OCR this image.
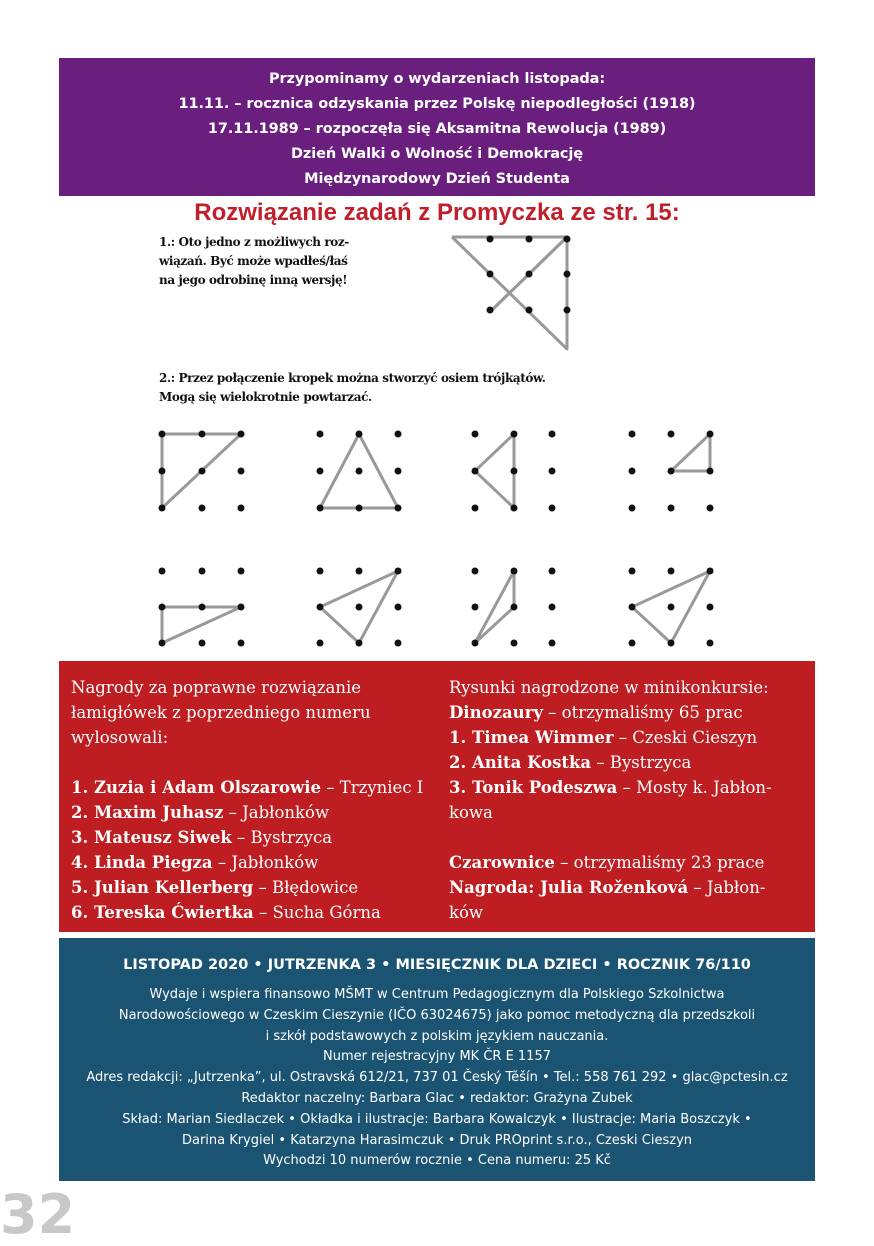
Przypominamy o wydarzeniach listopada:
11.11. – rocznica odzyskania przez Polskę niepodległości (1918)
17.11.1989 – rozpoczęła się Aksamitna Rewolucja (1989)
Dzień Walki o Wolność i Demokrację
Międzynarodowy Dzień Studenta
Rozwiązanie zadań z Promyczka ze str. 15:
1.: Oto jedno z możliwych roz-
wiązań. Być może wpadłeś/łaś
na jego odrobinę inną wersję!
2.: Przez połączenie kropek można stworzyć osiem trójkątów.
Mogą się wielokrotnie powtarzać.
Nagrody za poprawne rozwiązanie
łamigłówek z poprzedniego numeru
wylosowali:
1. Zuzia i Adam Olszarowie – Trzyniec I
2. Maxim Juhasz – Jabłonków
3. Mateusz Siwek – Bystrzyca
4. Linda Piegza – Jabłonków
5. Julian Kellerberg – Błędowice
6. Tereska Ćwiertka – Sucha Górna
Rysunki nagrodzone w minikonkursie:
Dinozaury – otrzymaliśmy 65 prac
1. Timea Wimmer – Czeski Cieszyn
2. Anita Kostka – Bystrzyca
3. Tonik Podeszwa – Mosty k. Jabłon-
kowa
Czarownice – otrzymaliśmy 23 prace
Nagroda: Julia Roženková – Jabłon-
ków
LISTOPAD 2020 • JUTRZENKA 3 • MIESIĘCZNIK DLA DZIECI • ROCZNIK 76/110
Wydaje i wspiera finansowo MŠMT w Centrum Pedagogicznym dla Polskiego Szkolnictwa
Narodowościowego w Czeskim Cieszynie (IČO 63024675) jako pomoc metodyczną dla przedszkoli
i szkół podstawowych z polskim językiem nauczania.
Numer rejestracyjny MK ČR E 1157
Adres redakcji: „Jutrzenka”, ul. Ostravská 612/21, 737 01 Český Těšín • Tel.: 558 761 292 • glac@pctesin.cz
Redaktor naczelny: Barbara Glac • redaktor: Grażyna Zubek
Skład: Marian Siedlaczek • Okładka i ilustracje: Barbara Kowalczyk • Ilustracje: Maria Boszczyk •
Darina Krygiel • Katarzyna Harasimczuk • Druk PROprint s.r.o., Czeski Cieszyn
Wychodzi 10 numerów rocznie • Cena numeru: 25 Kč
32
